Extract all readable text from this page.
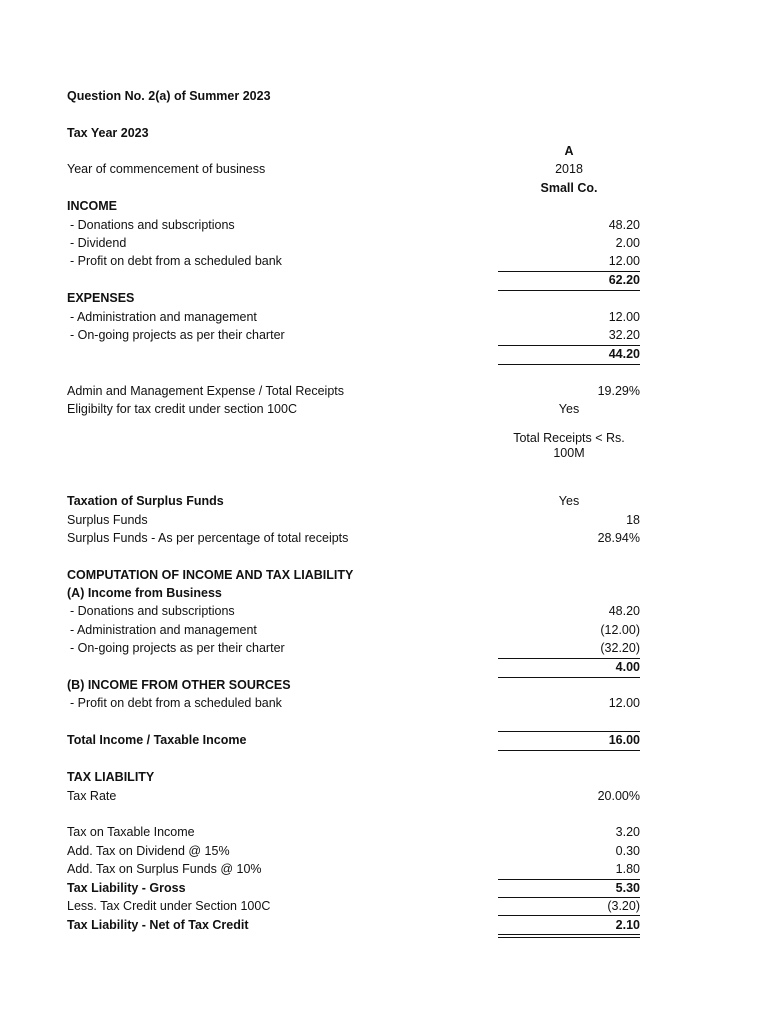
Question No. 2(a) of Summer 2023
Tax Year 2023
A
Year of commencement of business	2018
Small Co.
INCOME
- Donations and subscriptions	48.20
- Dividend	2.00
- Profit on debt from a scheduled bank	12.00
62.20
EXPENSES
- Administration and management	12.00
- On-going projects as per their charter	32.20
44.20
Admin and Management Expense / Total Receipts	19.29%
Eligibilty for tax credit under section 100C	Yes
Total Receipts < Rs. 100M
Taxation of Surplus Funds	Yes
Surplus Funds	18
Surplus Funds - As per percentage of total receipts	28.94%
COMPUTATION OF INCOME AND TAX LIABILITY
(A) Income from Business
- Donations and subscriptions	48.20
- Administration and management	(12.00)
- On-going projects as per their charter	(32.20)
4.00
(B) INCOME FROM OTHER SOURCES
- Profit on debt from a scheduled bank	12.00
Total Income / Taxable Income	16.00
TAX LIABILITY
Tax Rate	20.00%
Tax on Taxable Income	3.20
Add. Tax on Dividend @ 15%	0.30
Add. Tax on Surplus Funds @ 10%	1.80
Tax Liability - Gross	5.30
Less. Tax Credit under Section 100C	(3.20)
Tax Liability - Net of Tax Credit	2.10
